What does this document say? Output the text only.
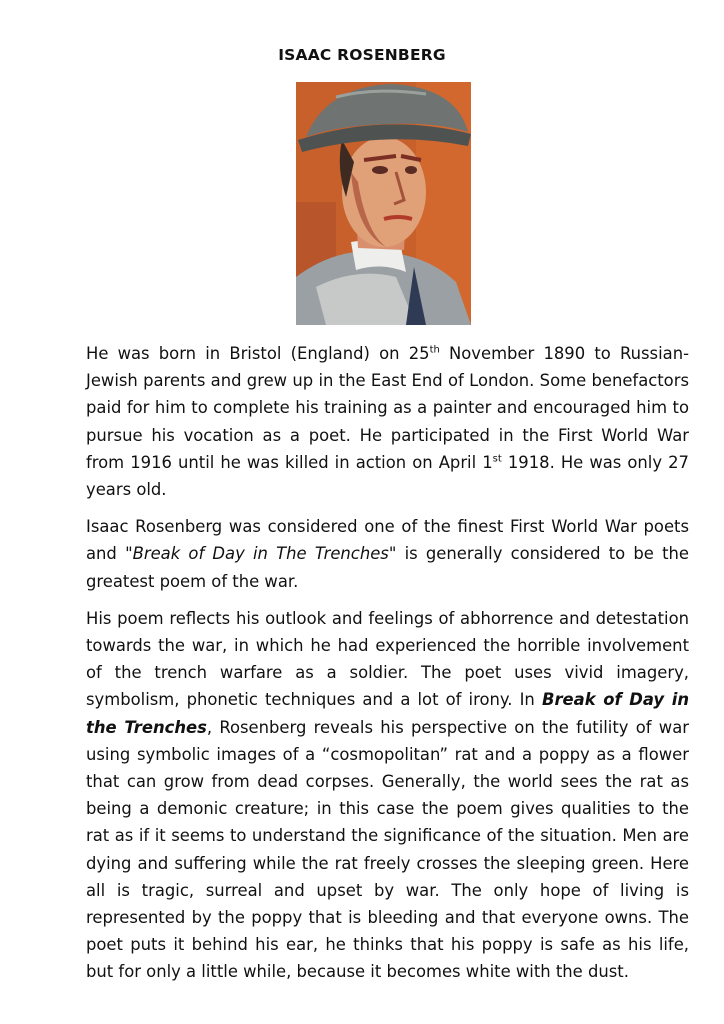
ISAAC ROSENBERG

He was born in Bristol (England) on 25th November 1890 to Russian-Jewish parents and grew up in the East End of London. Some benefactors paid for him to complete his training as a painter and encouraged him to pursue his vocation as a poet. He participated in the First World War from 1916 until he was killed in action on April 1st 1918. He was only 27 years old.

Isaac Rosenberg was considered one of the finest First World War poets and "Break of Day in The Trenches" is generally considered to be the greatest poem of the war.

His poem reflects his outlook and feelings of abhorrence and detestation towards the war, in which he had experienced the horrible involvement of the trench warfare as a soldier. The poet uses vivid imagery, symbolism, phonetic techniques and a lot of irony. In Break of Day in the Trenches, Rosenberg reveals his perspective on the futility of war using symbolic images of a “cosmopolitan” rat and a poppy as a flower that can grow from dead corpses. Generally, the world sees the rat as being a demonic creature; in this case the poem gives qualities to the rat as if it seems to understand the significance of the situation. Men are dying and suffering while the rat freely crosses the sleeping green. Here all is tragic, surreal and upset by war. The only hope of living is represented by the poppy that is bleeding and that everyone owns. The poet puts it behind his ear, he thinks that his poppy is safe as his life, but for only a little while, because it becomes white with the dust.
